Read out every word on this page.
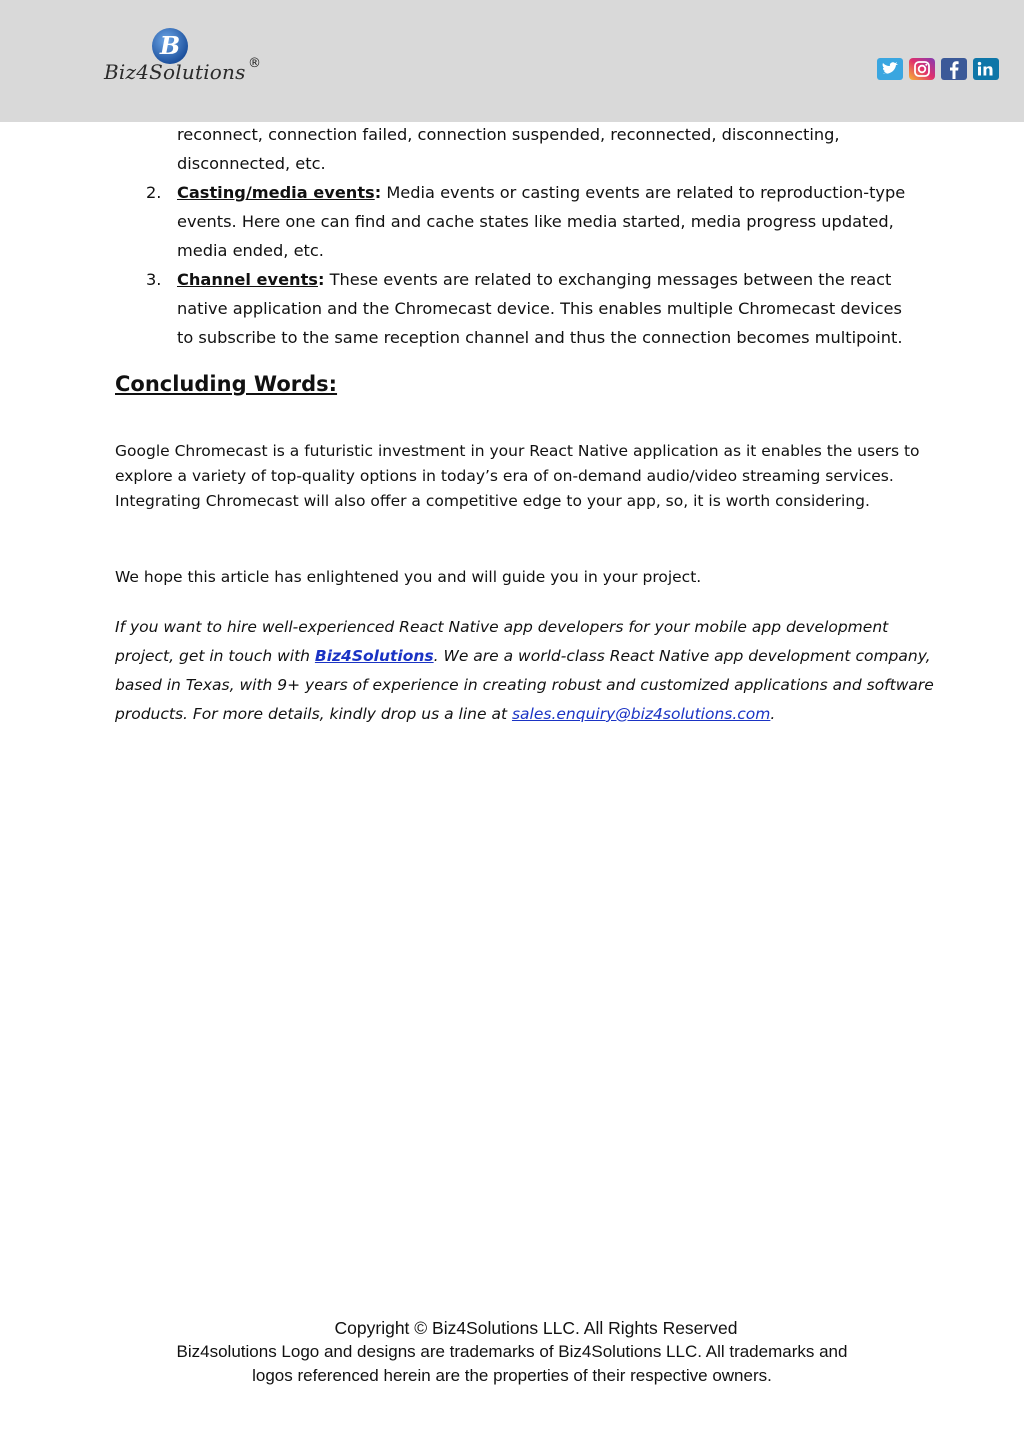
B
Biz4Solutions ®
reconnect, connection failed, connection suspended, reconnected, disconnecting,
disconnected, etc.
2. Casting/media events: Media events or casting events are related to reproduction-type
events. Here one can find and cache states like media started, media progress updated,
media ended, etc.
3. Channel events: These events are related to exchanging messages between the react
native application and the Chromecast device. This enables multiple Chromecast devices
to subscribe to the same reception channel and thus the connection becomes multipoint.
Concluding Words:

Google Chromecast is a futuristic investment in your React Native application as it enables the users to explore a variety of top-quality options in today’s era of on-demand audio/video streaming services. Integrating Chromecast will also offer a competitive edge to your app, so, it is worth considering.

We hope this article has enlightened you and will guide you in your project.

If you want to hire well-experienced React Native app developers for your mobile app development project, get in touch with Biz4Solutions. We are a world-class React Native app development company, based in Texas, with 9+ years of experience in creating robust and customized applications and software products. For more details, kindly drop us a line at sales.enquiry@biz4solutions.com.

Copyright © Biz4Solutions LLC. All Rights Reserved
Biz4solutions Logo and designs are trademarks of Biz4Solutions LLC. All trademarks and
logos referenced herein are the properties of their respective owners.
